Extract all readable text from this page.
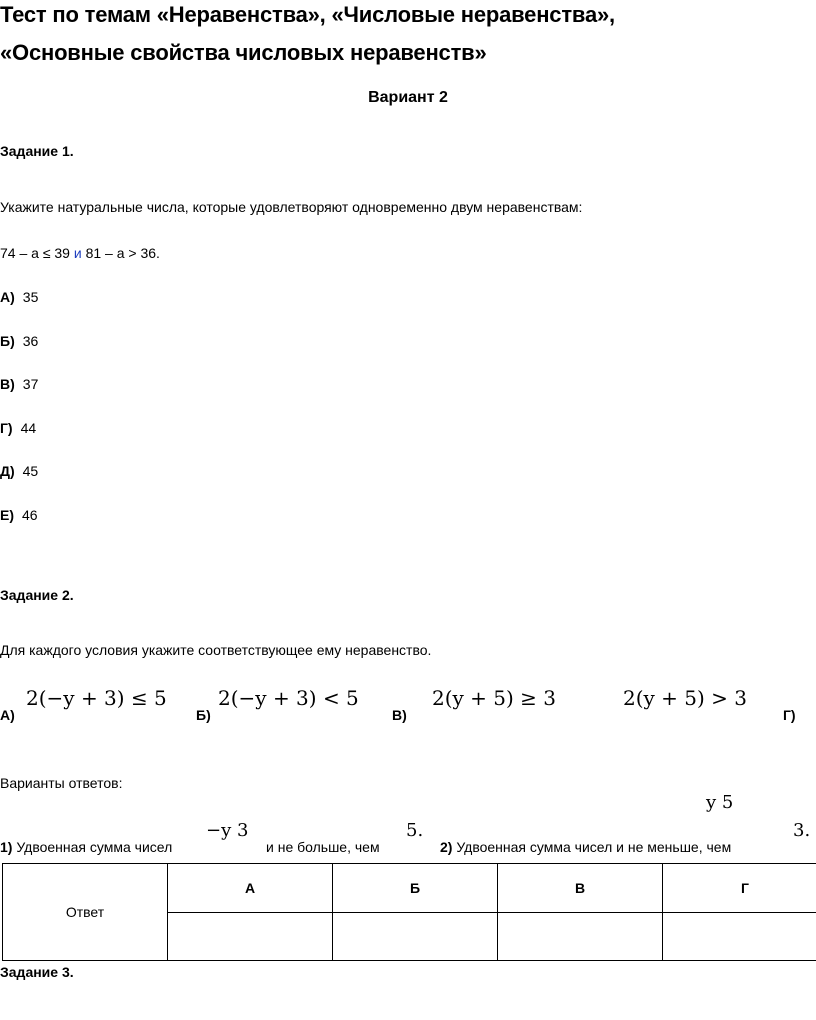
Тест по темам «Неравенства», «Числовые неравенства»,
«Основные свойства числовых неравенств»
Вариант 2
Задание 1.
Укажите натуральные числа, которые удовлетворяют одновременно двум неравенствам:
74 – a ≤ 39 и 81 – a > 36.
А) 35
Б) 36
В) 37
Г) 44
Д) 45
Е) 46
Задание 2.
Для каждого условия укажите соответствующее ему неравенство.
А)
2(−y + 3) ≤ 5
Б)
2(−y + 3) < 5
В)
2(y + 5) ≥ 3	2(y + 5) > 3
Г)
Варианты ответов:
y 5
−y 3	5.	3.
1) Удвоенная сумма чисел	и не больше, чем	2) Удвоенная сумма чисел и не меньше, чем
Ответ	А	Б	В	Г

Задание 3.
